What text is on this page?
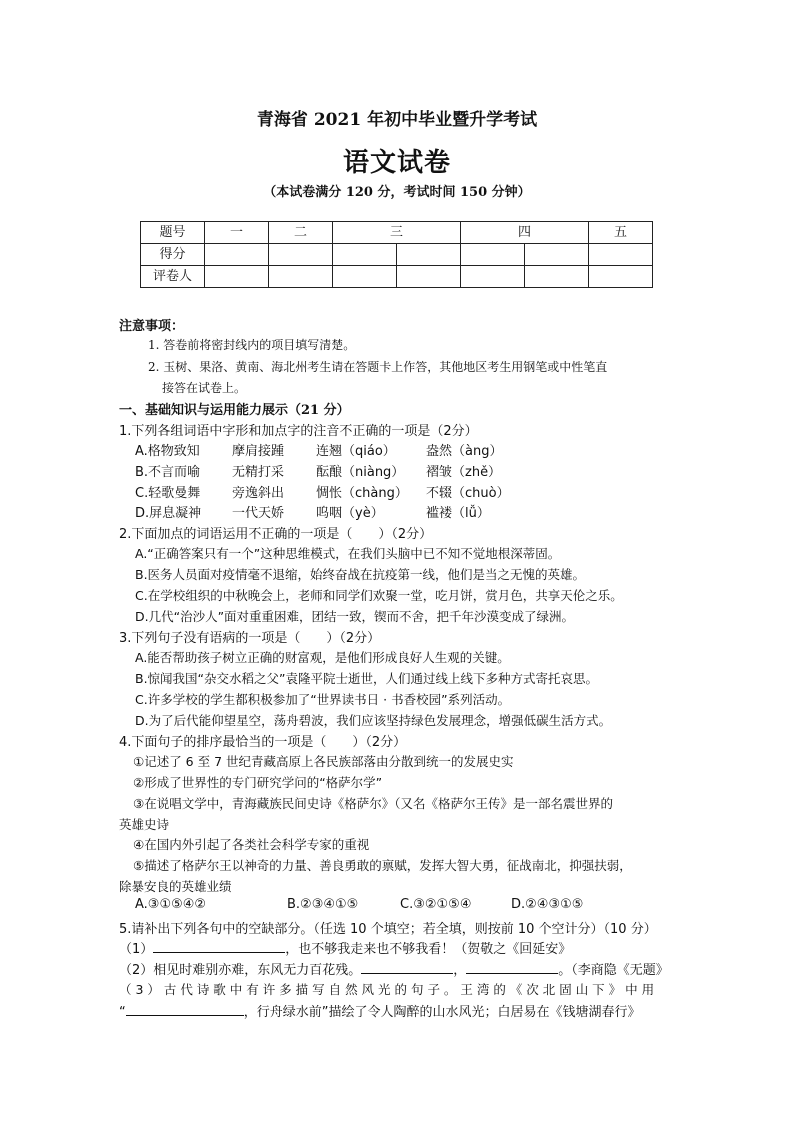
青海省 2021 年初中毕业暨升学考试
语文试卷
（本试卷满分 120 分，考试时间 150 分钟）
题号	一	二	三		四		五
得分							
评卷人							
注意事项：
1. 答卷前将密封线内的项目填写清楚。
2. 玉树、果洛、黄南、海北州考生请在答题卡上作答，其他地区考生用钢笔或中性笔直
接答在试卷上。
一、基础知识与运用能力展示（21 分）
1.下列各组词语中字形和加点字的注音不正确的一项是（2分）
A.格物致知 摩肩接踵 连翘（qiáo） 盎然（àng）
B.不言而喻 无精打采 酝酿（niàng） 褶皱（zhě）
C.轻歌曼舞 旁逸斜出 惆怅（chàng） 不辍（chuò）
D.屏息凝神 一代天娇 呜咽（yè）	褴褛（lǚ）
2.下面加点的词语运用不正确的一项是（　　）（2分）
A.“正确答案只有一个”这种思维模式，在我们头脑中已不知不觉地根深蒂固。
B.医务人员面对疫情毫不退缩，始终奋战在抗疫第一线，他们是当之无愧的英雄。
C.在学校组织的中秋晚会上，老师和同学们欢聚一堂，吃月饼，赏月色，共享天伦之乐。
D.几代“治沙人”面对重重困难，团结一致，锲而不舍，把千年沙漠变成了绿洲。
3.下列句子没有语病的一项是（　　）（2分）
A.能否帮助孩子树立正确的财富观，是他们形成良好人生观的关键。
B.惊闻我国“杂交水稻之父”袁隆平院士逝世，人们通过线上线下多种方式寄托哀思。
C.许多学校的学生都积极参加了“世界读书日 · 书香校园”系列活动。
D.为了后代能仰望星空，荡舟碧波，我们应该坚持绿色发展理念，增强低碳生活方式。
4.下面句子的排序最恰当的一项是（　　）（2分）
①记述了 6 至 7 世纪青藏高原上各民族部落由分散到统一的发展史实
②形成了世界性的专门研究学问的“格萨尔学”
③在说唱文学中，青海藏族民间史诗《格萨尔》（又名《格萨尔王传》是一部名震世界的
英雄史诗
④在国内外引起了各类社会科学专家的重视
⑤描述了格萨尔王以神奇的力量、善良勇敢的禀赋，发挥大智大勇，征战南北，抑强扶弱，
除暴安良的英雄业绩
A.③①⑤④②	B.②③④①⑤	C.③②①⑤④	D.②④③①⑤
5.请补出下列各句中的空缺部分。（任选 10 个填空；若全填，则按前 10 个空计分）（10 分）
（1）	，也不够我走来也不够我看！（贺敬之《回延安》
（2）相见时难别亦难，东风无力百花残。	，	。（李商隐《无题》
（ 3 ） 古 代 诗 歌 中 有 许 多 描 写 自 然 风 光 的 句 子 。 王 湾 的 《 次 北 固 山 下 》 中 用
“	，行舟绿水前”描绘了令人陶醉的山水风光；白居易在《钱塘湖春行》
